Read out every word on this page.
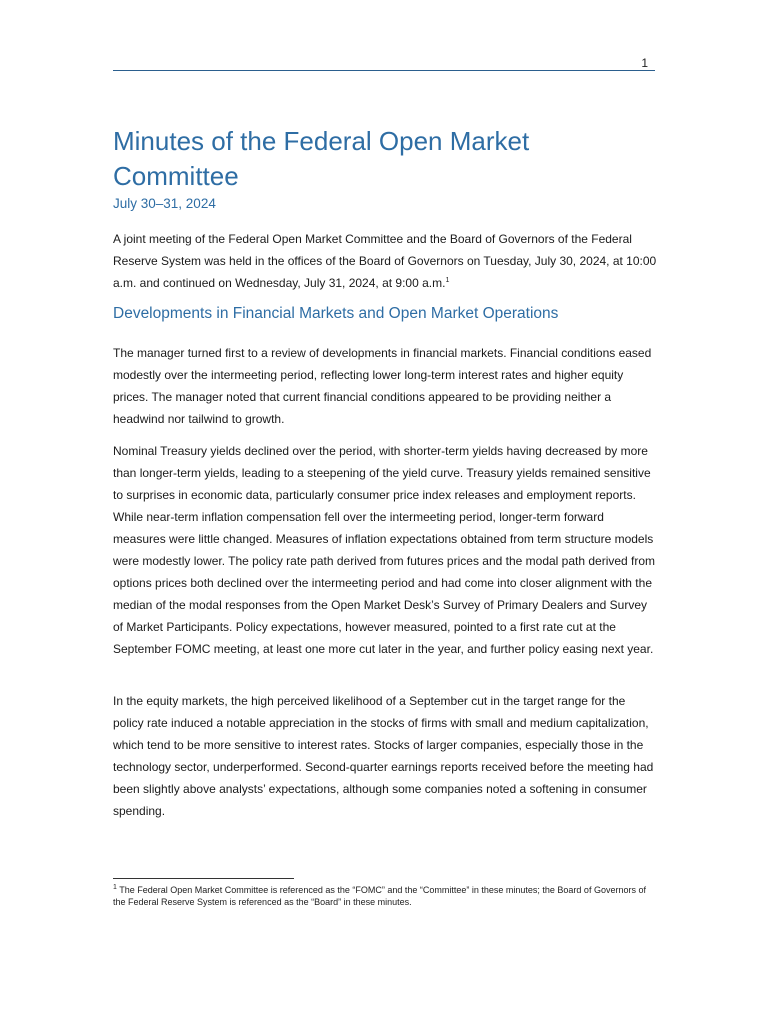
1
Minutes of the Federal Open Market Committee
July 30–31, 2024

A joint meeting of the Federal Open Market Committee and the Board of Governors of the Federal Reserve System was held in the offices of the Board of Governors on Tuesday, July 30, 2024, at 10:00 a.m. and continued on Wednesday, July 31, 2024, at 9:00 a.m.$^1$

Developments in Financial Markets and Open Market Operations

The manager turned first to a review of developments in financial markets. Financial conditions eased modestly over the intermeeting period, reflecting lower long-term interest rates and higher equity prices. The manager noted that current financial conditions appeared to be providing neither a headwind nor tailwind to growth.

Nominal Treasury yields declined over the period, with shorter-term yields having decreased by more than longer-term yields, leading to a steepening of the yield curve. Treasury yields remained sensitive to surprises in economic data, particularly consumer price index releases and employment reports. While near-term inflation compensation fell over the intermeeting period, longer-term forward measures were little changed. Measures of inflation expectations obtained from term structure models were modestly lower. The policy rate path derived from futures prices and the modal path derived from options prices both declined over the intermeeting period and had come into closer alignment with the median of the modal responses from the Open Market Desk’s Survey of Primary Dealers and Survey of Market Participants. Policy expectations, however measured, pointed to a first rate cut at the September FOMC meeting, at least one more cut later in the year, and further policy easing next year.

In the equity markets, the high perceived likelihood of a September cut in the target range for the policy rate induced a notable appreciation in the stocks of firms with small and medium capitalization, which tend to be more sensitive to interest rates. Stocks of larger companies, especially those in the technology sector, underperformed. Second-quarter earnings reports received before the meeting had been slightly above analysts’ expectations, although some companies noted a softening in consumer spending.

$^1$ The Federal Open Market Committee is referenced as the “FOMC” and the “Committee” in these minutes; the Board of Governors of the Federal Reserve System is referenced as the “Board” in these minutes.
